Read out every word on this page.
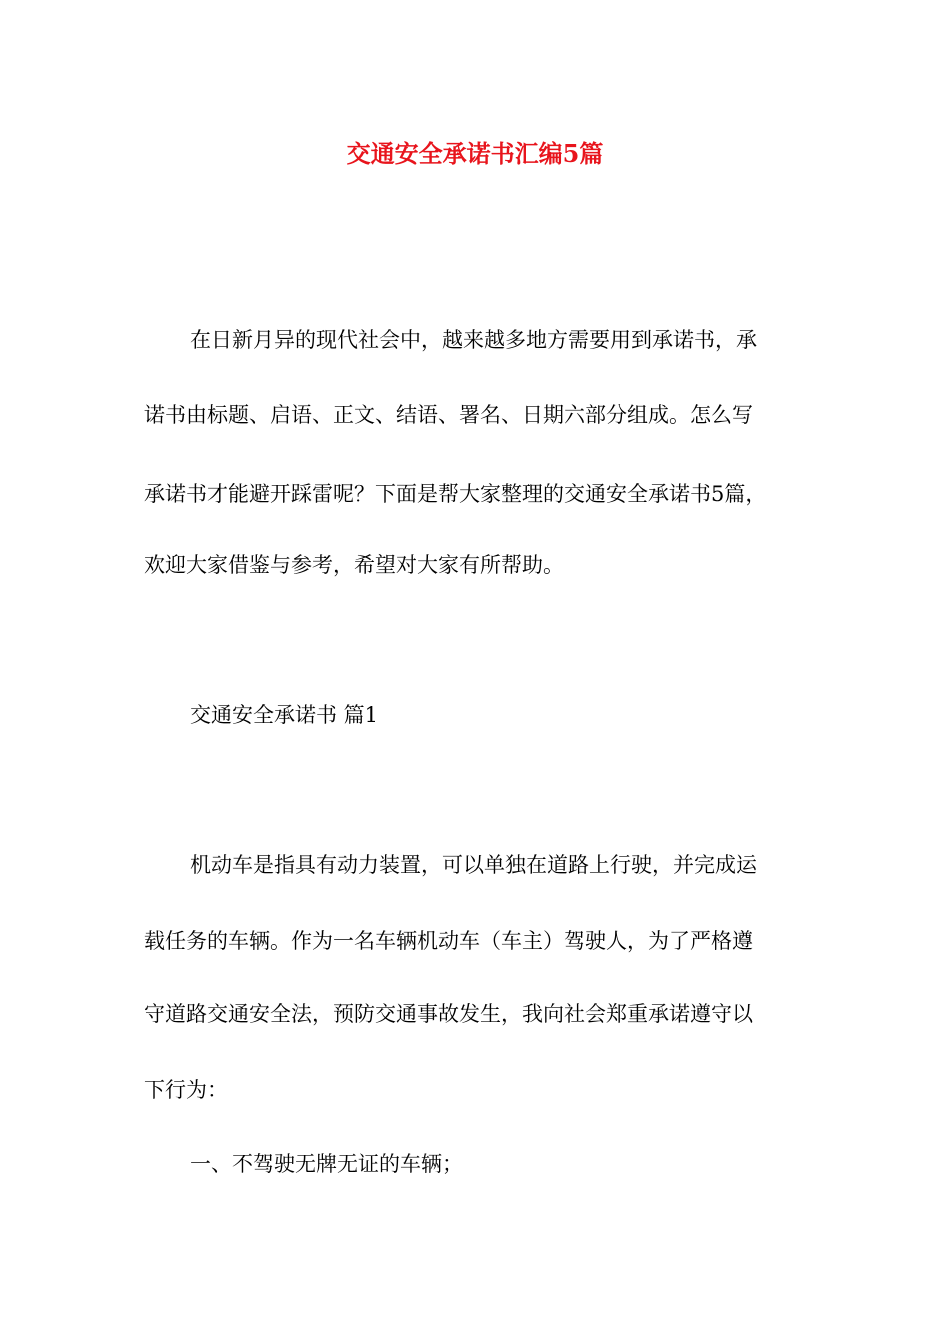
交通安全承诺书汇编5篇
在日新月异的现代社会中，越来越多地方需要用到承诺书，承
诺书由标题、启语、正文、结语、署名、日期六部分组成。怎么写
承诺书才能避开踩雷呢？下面是帮大家整理的交通安全承诺书5篇，
欢迎大家借鉴与参考，希望对大家有所帮助。
交通安全承诺书 篇1
机动车是指具有动力装置，可以单独在道路上行驶，并完成运
载任务的车辆。作为一名车辆机动车（车主）驾驶人，为了严格遵
守道路交通安全法，预防交通事故发生，我向社会郑重承诺遵守以
下行为：
一、不驾驶无牌无证的车辆；
